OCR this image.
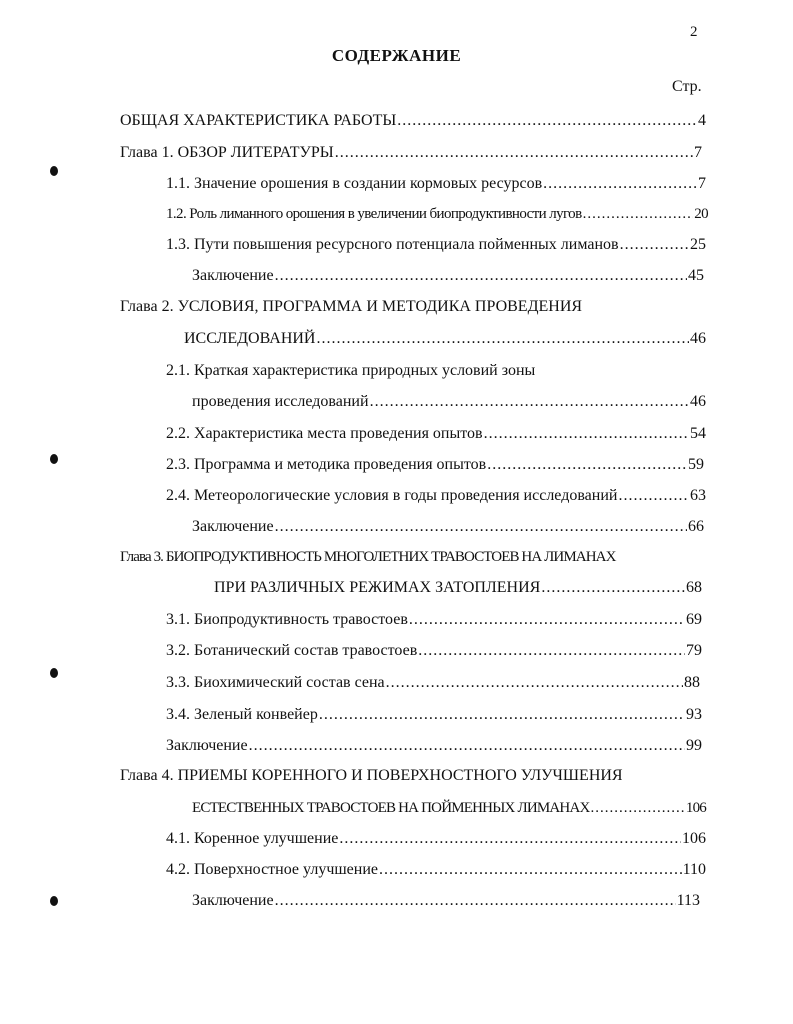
2
СОДЕРЖАНИЕ
Стр.
ОБЩАЯ ХАРАКТЕРИСТИКА РАБОТЫ .....	4
Глава 1. ОБЗОР ЛИТЕРАТУРЫ .....	7
1.1. Значение орошения в создании кормовых ресурсов .....	7
1.2. Роль лиманного орошения в увеличении биопродуктивности лугов .....	20
1.3. Пути повышения ресурсного потенциала пойменных лиманов .....	25
Заключение .....	45
Глава 2. УСЛОВИЯ, ПРОГРАММА И МЕТОДИКА ПРОВЕДЕНИЯ
ИССЛЕДОВАНИЙ .....	46
2.1. Краткая характеристика природных условий зоны
проведения исследований .....	46
2.2. Характеристика места проведения опытов .....	54
2.3. Программа и методика проведения опытов .....	59
2.4. Метеорологические условия в годы проведения исследований .....	63
Заключение .....	66
Глава 3. БИОПРОДУКТИВНОСТЬ МНОГОЛЕТНИХ ТРАВОСТОЕВ НА ЛИМАНАХ
ПРИ РАЗЛИЧНЫХ РЕЖИМАХ ЗАТОПЛЕНИЯ .....	68
3.1. Биопродуктивность травостоев .....	69
3.2. Ботанический состав травостоев .....	79
3.3. Биохимический состав сена .....	88
3.4. Зеленый конвейер .....	93
Заключение .....	99
Глава 4. ПРИЕМЫ КОРЕННОГО И ПОВЕРХНОСТНОГО УЛУЧШЕНИЯ
ЕСТЕСТВЕННЫХ ТРАВОСТОЕВ НА ПОЙМЕННЫХ ЛИМАНАХ .....	106
4.1. Коренное улучшение .....	106
4.2. Поверхностное улучшение .....	110
Заключение .....	113
